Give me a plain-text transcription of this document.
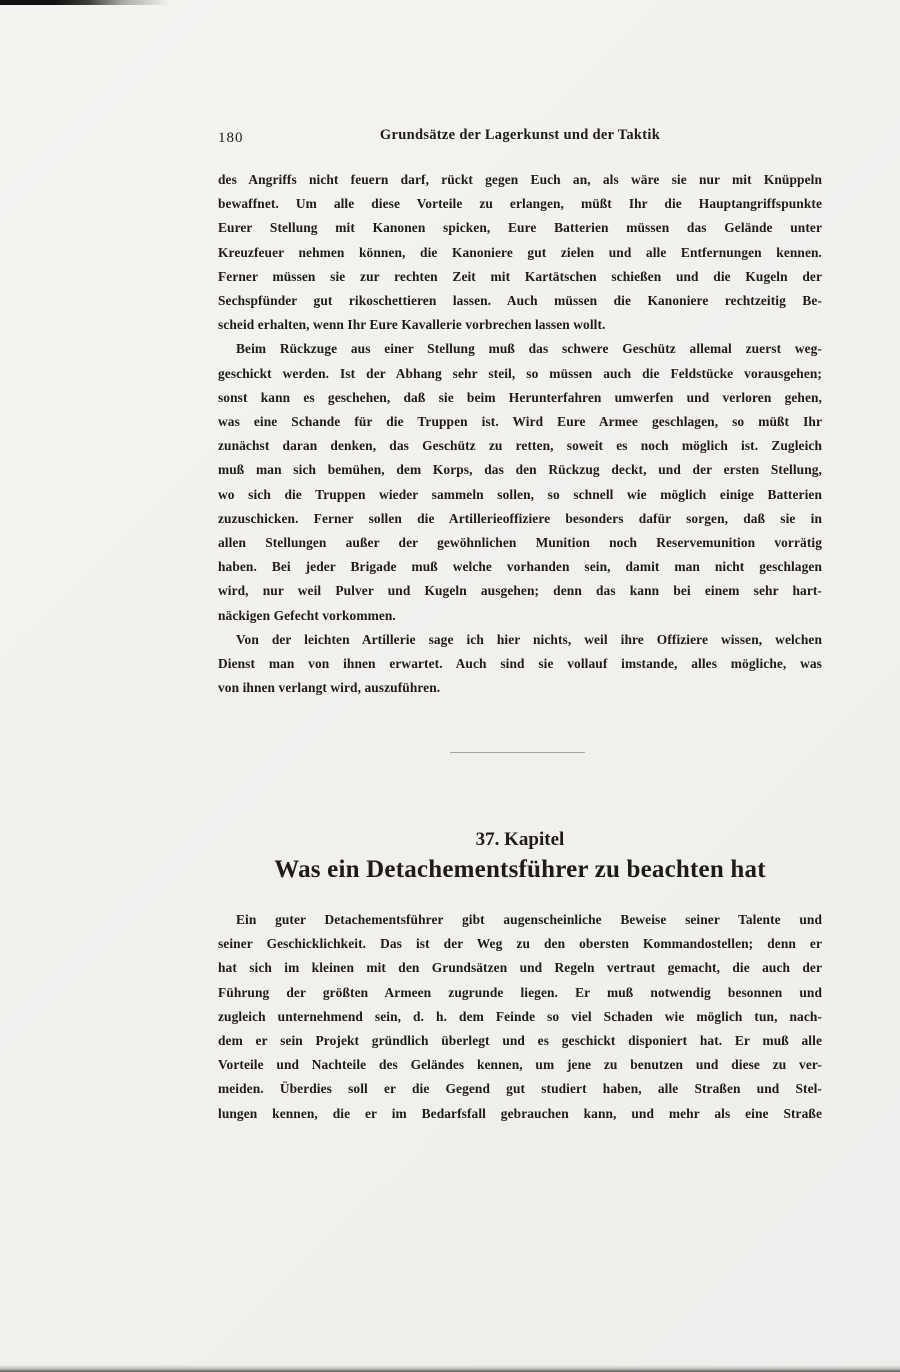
180	Grundsätze der Lagerkunst und der Taktik
des Angriffs nicht feuern darf, rückt gegen Euch an, als wäre sie nur mit Knüppeln
bewaffnet. Um alle diese Vorteile zu erlangen, müßt Ihr die Hauptangriffspunkte
Eurer Stellung mit Kanonen spicken, Eure Batterien müssen das Gelände unter
Kreuzfeuer nehmen können, die Kanoniere gut zielen und alle Entfernungen kennen.
Ferner müssen sie zur rechten Zeit mit Kartätschen schießen und die Kugeln der
Sechspfünder gut rikoschettieren lassen. Auch müssen die Kanoniere rechtzeitig Be-
scheid erhalten, wenn Ihr Eure Kavallerie vorbrechen lassen wollt.
Beim Rückzuge aus einer Stellung muß das schwere Geschütz allemal zuerst weg-
geschickt werden. Ist der Abhang sehr steil, so müssen auch die Feldstücke vorausgehen;
sonst kann es geschehen, daß sie beim Herunterfahren umwerfen und verloren gehen,
was eine Schande für die Truppen ist. Wird Eure Armee geschlagen, so müßt Ihr
zunächst daran denken, das Geschütz zu retten, soweit es noch möglich ist. Zugleich
muß man sich bemühen, dem Korps, das den Rückzug deckt, und der ersten Stellung,
wo sich die Truppen wieder sammeln sollen, so schnell wie möglich einige Batterien
zuzuschicken. Ferner sollen die Artillerieoffiziere besonders dafür sorgen, daß sie in
allen Stellungen außer der gewöhnlichen Munition noch Reservemunition vorrätig
haben. Bei jeder Brigade muß welche vorhanden sein, damit man nicht geschlagen
wird, nur weil Pulver und Kugeln ausgehen; denn das kann bei einem sehr hart-
näckigen Gefecht vorkommen.
Von der leichten Artillerie sage ich hier nichts, weil ihre Offiziere wissen, welchen
Dienst man von ihnen erwartet. Auch sind sie vollauf imstande, alles mögliche, was
von ihnen verlangt wird, auszuführen.
37. Kapitel
Was ein Detachementsführer zu beachten hat
Ein guter Detachementsführer gibt augenscheinliche Beweise seiner Talente und
seiner Geschicklichkeit. Das ist der Weg zu den obersten Kommandostellen; denn er
hat sich im kleinen mit den Grundsätzen und Regeln vertraut gemacht, die auch der
Führung der größten Armeen zugrunde liegen. Er muß notwendig besonnen und
zugleich unternehmend sein, d. h. dem Feinde so viel Schaden wie möglich tun, nach-
dem er sein Projekt gründlich überlegt und es geschickt disponiert hat. Er muß alle
Vorteile und Nachteile des Geländes kennen, um jene zu benutzen und diese zu ver-
meiden. Überdies soll er die Gegend gut studiert haben, alle Straßen und Stel-
lungen kennen, die er im Bedarfsfall gebrauchen kann, und mehr als eine Straße
